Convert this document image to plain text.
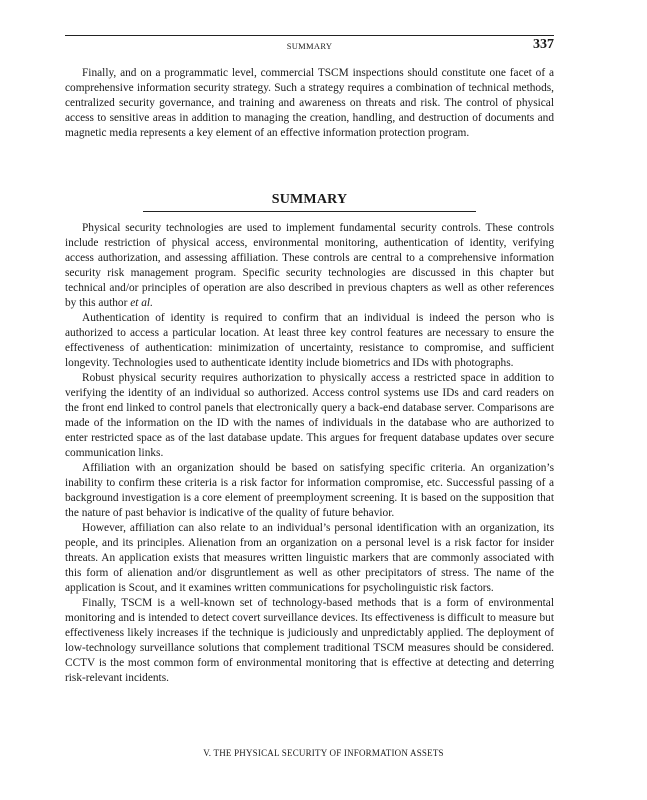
SUMMARY	337

Finally, and on a programmatic level, commercial TSCM inspections should constitute one facet of a comprehensive information security strategy. Such a strategy requires a combination of technical methods, centralized security governance, and training and awareness on threats and risk. The control of physical access to sensitive areas in addition to managing the creation, handling, and destruction of documents and magnetic media represents a key element of an effective information protection program.

SUMMARY

Physical security technologies are used to implement fundamental security controls. These controls include restriction of physical access, environmental monitoring, authentication of identity, verifying access authorization, and assessing affiliation. These controls are central to a comprehensive information security risk management program. Specific security technologies are discussed in this chapter but technical and/or principles of operation are also described in previous chapters as well as other references by this author et al.

Authentication of identity is required to confirm that an individual is indeed the person who is authorized to access a particular location. At least three key control features are necessary to ensure the effectiveness of authentication: minimization of uncertainty, resistance to compromise, and sufficient longevity. Technologies used to authenticate identity include biometrics and IDs with photographs.

Robust physical security requires authorization to physically access a restricted space in addition to verifying the identity of an individual so authorized. Access control systems use IDs and card readers on the front end linked to control panels that electronically query a back-end database server. Comparisons are made of the information on the ID with the names of individuals in the database who are authorized to enter restricted space as of the last database update. This argues for frequent database updates over secure communication links.

Affiliation with an organization should be based on satisfying specific criteria. An organization’s inability to confirm these criteria is a risk factor for information compromise, etc. Successful passing of a background investigation is a core element of preemployment screening. It is based on the supposition that the nature of past behavior is indicative of the quality of future behavior.

However, affiliation can also relate to an individual’s personal identification with an organization, its people, and its principles. Alienation from an organization on a personal level is a risk factor for insider threats. An application exists that measures written linguistic markers that are commonly associated with this form of alienation and/or disgruntlement as well as other precipitators of stress. The name of the application is Scout, and it examines written communications for psycholinguistic risk factors.

Finally, TSCM is a well-known set of technology-based methods that is a form of environmental monitoring and is intended to detect covert surveillance devices. Its effectiveness is difficult to measure but effectiveness likely increases if the technique is judiciously and unpredictably applied. The deployment of low-technology surveillance solutions that complement traditional TSCM measures should be considered. CCTV is the most common form of environmental monitoring that is effective at detecting and deterring risk-relevant incidents.

V. THE PHYSICAL SECURITY OF INFORMATION ASSETS
